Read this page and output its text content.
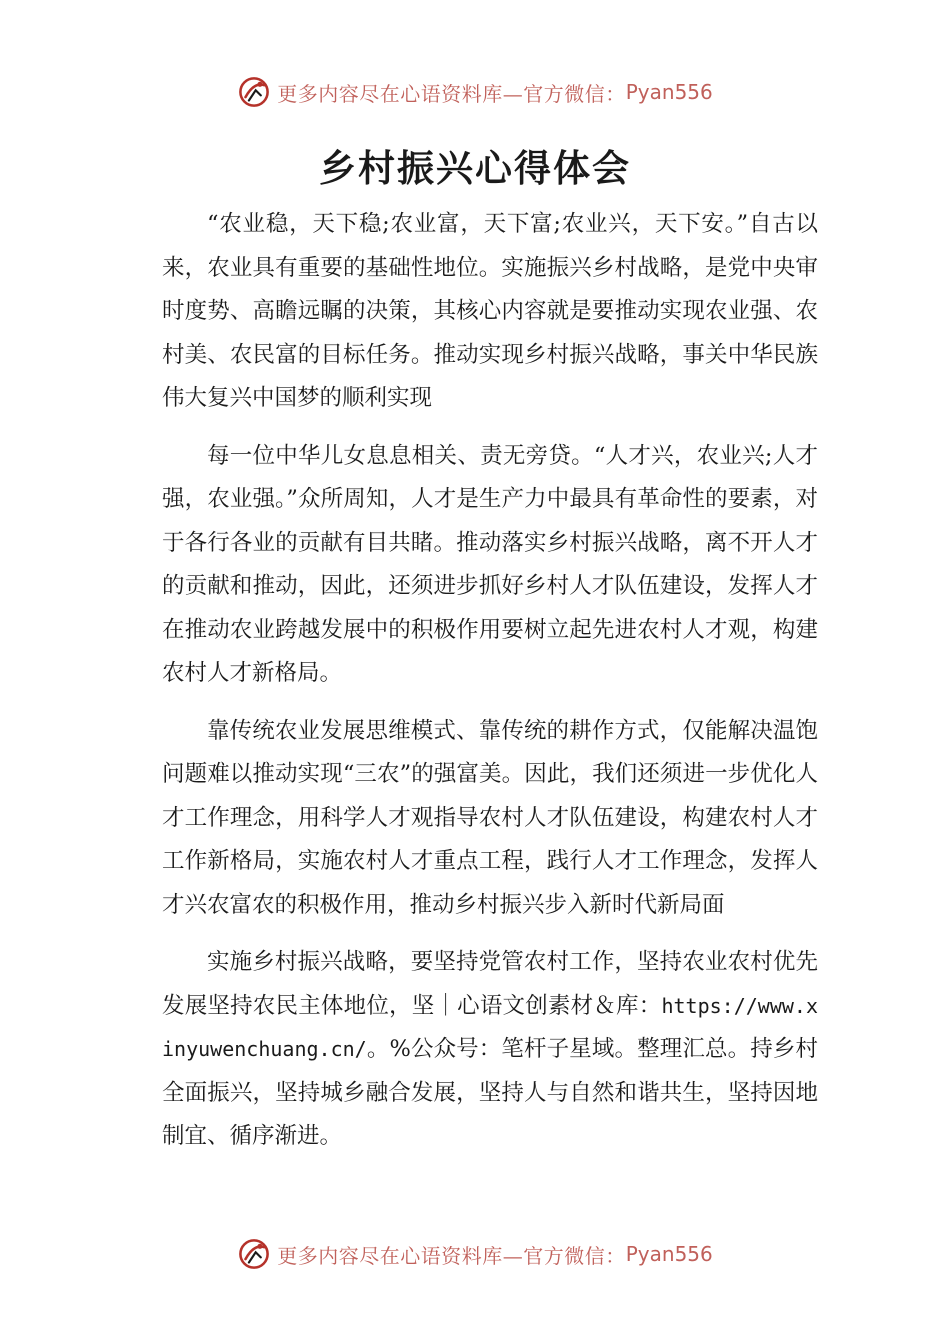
更多内容尽在心语资料库—官方微信： Pyan556
乡村振兴心得体会

“农业稳，天下稳;农业富，天下富;农业兴，天下安。”自古以来，农业具有重要的基础性地位。实施振兴乡村战略，是党中央审时度势、高瞻远瞩的决策，其核心内容就是要推动实现农业强、农村美、农民富的目标任务。推动实现乡村振兴战略，事关中华民族伟大复兴中国梦的顺利实现

每一位中华儿女息息相关、责无旁贷。“人才兴，农业兴;人才强，农业强。”众所周知，人才是生产力中最具有革命性的要素，对于各行各业的贡献有目共睹。推动落实乡村振兴战略，离不开人才的贡献和推动，因此，还须进步抓好乡村人才队伍建设，发挥人才在推动农业跨越发展中的积极作用要树立起先进农村人才观，构建农村人才新格局。

靠传统农业发展思维模式、靠传统的耕作方式，仅能解决温饱问题难以推动实现“三农”的强富美。因此，我们还须进一步优化人才工作理念，用科学人才观指导农村人才队伍建设，构建农村人才工作新格局，实施农村人才重点工程，践行人才工作理念，发挥人才兴农富农的积极作用，推动乡村振兴步入新时代新局面

实施乡村振兴战略，要坚持党管农村工作，坚持农业农村优先发展坚持农民主体地位，坚｜心语文创素材＆库：https://www.xinyuwenchuang.cn/。%公众号：笔杆子星域。整理汇总。持乡村全面振兴，坚持城乡融合发展，坚持人与自然和谐共生，坚持因地制宜、循序渐进。

更多内容尽在心语资料库—官方微信： Pyan556
